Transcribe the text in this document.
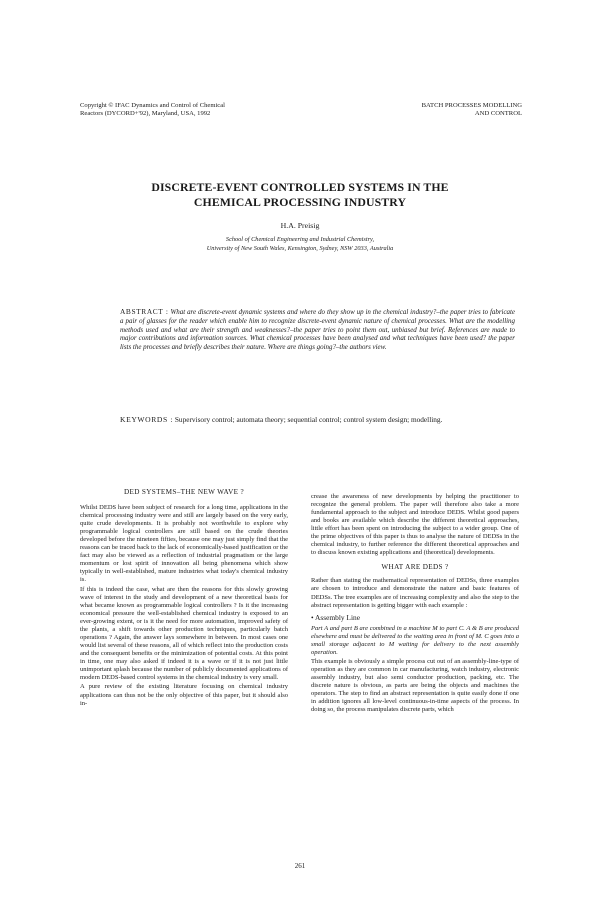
Copyright © IFAC Dynamics and Control of Chemical
Reactors (DYCORD+'92), Maryland, USA, 1992
BATCH PROCESSES MODELLING
AND CONTROL
DISCRETE-EVENT CONTROLLED SYSTEMS IN THE
CHEMICAL PROCESSING INDUSTRY
H.A. Preisig
School of Chemical Engineering and Industrial Chemistry,
University of New South Wales, Kensington, Sydney, NSW 2033, Australia
ABSTRACT : What are discrete-event dynamic systems and where do they show up in the chemical industry?–the paper tries to fabricate a pair of glasses for the reader which enable him to recognize discrete-event dynamic nature of chemical processes. What are the modelling methods used and what are their strength and weaknesses?–the paper tries to point them out, unbiased but brief. References are made to major contributions and information sources. What chemical processes have been analysed and what techniques have been used? the paper lists the processes and briefly describes their nature. Where are things going?–the authors view.
KEYWORDS : Supervisory control; automata theory; sequential control; control system design; modelling.
DED SYSTEMS–THE NEW WAVE ?

Whilst DEDS have been subject of research for a long time, applications in the chemical processing industry were and still are largely based on the very early, quite crude developments. It is probably not worthwhile to explore why programmable logical controllers are still based on the crude theories developed before the nineteen fifties, because one may just simply find that the reasons can be traced back to the lack of economically-based justification or the fact may also be viewed as a reflection of industrial pragmatism or the large momentum or lost spirit of innovation all being phenomena which show typically in well-established, mature industries what today's chemical industry is.

If this is indeed the case, what are then the reasons for this slowly growing wave of interest in the study and development of a new theoretical basis for what became known as programmable logical controllers ? Is it the increasing economical pressure the well-established chemical industry is exposed to an ever-growing extent, or is it the need for more automation, improved safety of the plants, a shift towards other production techniques, particularly batch operations ? Again, the answer lays somewhere in between. In most cases one would list several of these reasons, all of which reflect into the production costs and the consequent benefits or the minimization of potential costs. At this point in time, one may also asked if indeed it is a wave or if it is not just little unimportant splash because the number of publicly documented applications of modern DEDS-based control systems in the chemical industry is very small.

A pure review of the existing literature focusing on chemical industry applications can thus not be the only objective of this paper, but it should also in-

crease the awareness of new developments by helping the practitioner to recognize the general problem. The paper will therefore also take a more fundamental approach to the subject and introduce DEDS. Whilst good papers and books are available which describe the different theoretical approaches, little effort has been spent on introducing the subject to a wider group. One of the prime objectives of this paper is thus to analyse the nature of DEDSs in the chemical industry, to further reference the different theoretical approaches and to discuss known existing applications and (theoretical) developments.

WHAT ARE DEDS ?

Rather than stating the mathematical representation of DEDSs, three examples are chosen to introduce and demonstrate the nature and basic features of DEDSs. The tree examples are of increasing complexity and also the step to the abstract representation is getting bigger with each example :

• Assembly Line

Part A and part B are combined in a machine M to part C. A & B are produced elsewhere and must be delivered to the waiting area in front of M. C goes into a small storage adjacent to M waiting for delivery to the next assembly operation.

This example is obviously a simple process cut out of an assembly-line-type of operation as they are common in car manufacturing, watch industry, electronic assembly industry, but also semi conductor production, packing, etc. The discrete nature is obvious, as parts are being the objects and machines the operators. The step to find an abstract representation is quite easily done if one in addition ignores all low-level continuous-in-time aspects of the process. In doing so, the process manipulates discrete parts, which

261
